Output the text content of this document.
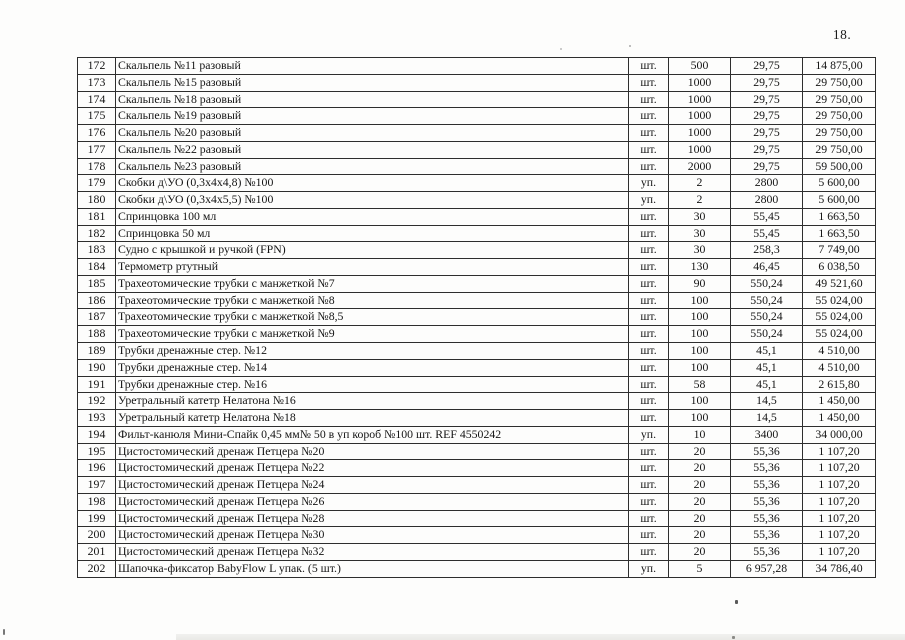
18.
172	Скальпель №11 разовый	шт.	500	29,75	14 875,00
173	Скальпель №15 разовый	шт.	1000	29,75	29 750,00
174	Скальпель №18 разовый	шт.	1000	29,75	29 750,00
175	Скальпель №19 разовый	шт.	1000	29,75	29 750,00
176	Скальпель №20 разовый	шт.	1000	29,75	29 750,00
177	Скальпель №22 разовый	шт.	1000	29,75	29 750,00
178	Скальпель №23 разовый	шт.	2000	29,75	59 500,00
179	Скобки д\УО (0,3х4х4,8) №100	уп.	2	2800	5 600,00
180	Скобки д\УО (0,3х4х5,5) №100	уп.	2	2800	5 600,00
181	Спринцовка 100 мл	шт.	30	55,45	1 663,50
182	Спринцовка 50 мл	шт.	30	55,45	1 663,50
183	Судно с крышкой и ручкой (FPN)	шт.	30	258,3	7 749,00
184	Термометр ртутный	шт.	130	46,45	6 038,50
185	Трахеотомические трубки с манжеткой №7	шт.	90	550,24	49 521,60
186	Трахеотомические трубки с манжеткой №8	шт.	100	550,24	55 024,00
187	Трахеотомические трубки с манжеткой №8,5	шт.	100	550,24	55 024,00
188	Трахеотомические трубки с манжеткой №9	шт.	100	550,24	55 024,00
189	Трубки дренажные стер. №12	шт.	100	45,1	4 510,00
190	Трубки дренажные стер. №14	шт.	100	45,1	4 510,00
191	Трубки дренажные стер. №16	шт.	58	45,1	2 615,80
192	Уретральный катетр Нелатона №16	шт.	100	14,5	1 450,00
193	Уретральный катетр Нелатона №18	шт.	100	14,5	1 450,00
194	Фильт-канюля Мини-Спайк 0,45 мм№ 50 в уп короб №100 шт. REF 4550242	уп.	10	3400	34 000,00
195	Цистостомический дренаж Петцера №20	шт.	20	55,36	1 107,20
196	Цистостомический дренаж Петцера №22	шт.	20	55,36	1 107,20
197	Цистостомический дренаж Петцера №24	шт.	20	55,36	1 107,20
198	Цистостомический дренаж Петцера №26	шт.	20	55,36	1 107,20
199	Цистостомический дренаж Петцера №28	шт.	20	55,36	1 107,20
200	Цистостомический дренаж Петцера №30	шт.	20	55,36	1 107,20
201	Цистостомический дренаж Петцера №32	шт.	20	55,36	1 107,20
202	Шапочка-фиксатор BabyFlow L упак. (5 шт.)	уп.	5	6 957,28	34 786,40
